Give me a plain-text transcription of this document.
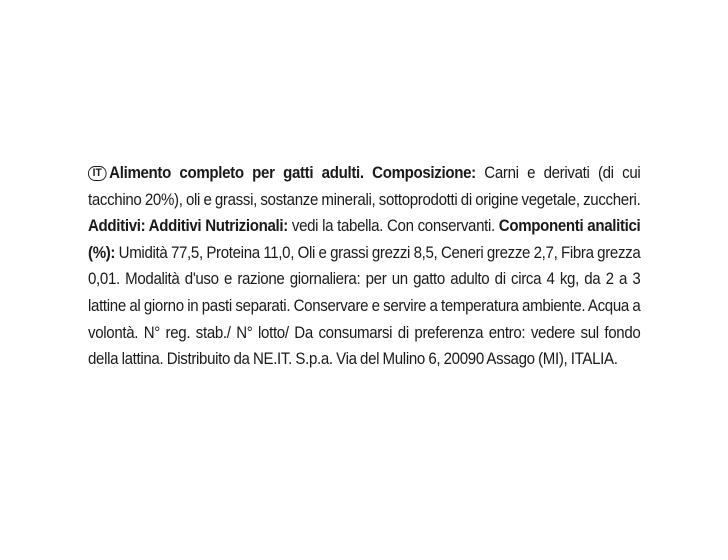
IT Alimento completo per gatti adulti. Composizione: Carni e derivati (di cui tacchino 20%), oli e grassi, sostanze minerali, sottoprodotti di origine vegetale, zuccheri. Additivi: Additivi Nutrizionali: vedi la tabella. Con conservanti. Componenti analitici (%): Umidità 77,5, Proteina 11,0, Oli e grassi grezzi 8,5, Ceneri grezze 2,7, Fibra grezza 0,01. Modalità d'uso e razione giornaliera: per un gatto adulto di circa 4 kg, da 2 a 3 lattine al giorno in pasti separati. Conservare e servire a temperatura ambiente. Acqua a volontà. N° reg. stab./ N° lotto/ Da consumarsi di preferenza entro: vedere sul fondo della lattina. Distribuito da NE.IT. S.p.a. Via del Mulino 6, 20090 Assago (MI), ITALIA.
